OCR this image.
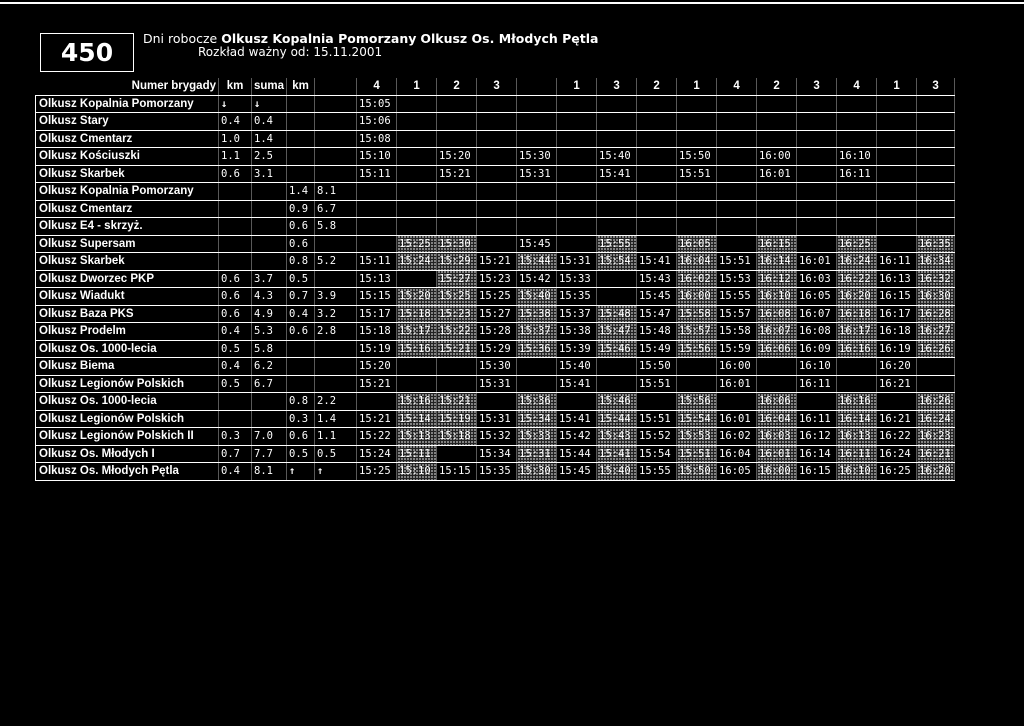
450 Dni robocze Olkusz Kopalnia Pomorzany Olkusz Os. Młodych Pętla
Rozkład ważny od: 15.11.2001
Numer brygady	km	suma	km		4	1	2	3		1	3	2	1	4	2	3	4	1	3
Olkusz Kopalnia Pomorzany	↓	↓			15:05														
Olkusz Stary	0.4	0.4			15:06														
Olkusz Cmentarz	1.0	1.4			15:08														
Olkusz Kościuszki	1.1	2.5			15:10		15:20		15:30		15:40		15:50		16:00		16:10		
Olkusz Skarbek	0.6	3.1			15:11		15:21		15:31		15:41		15:51		16:01		16:11		
Olkusz Kopalnia Pomorzany			1.4	8.1															
Olkusz Cmentarz			0.9	6.7															
Olkusz E4 - skrzyż.			0.6	5.8															
Olkusz Supersam			0.6			15:25	15:30		15:45		15:55		16:05		16:15		16:25		16:35
Olkusz Skarbek			0.8	5.2	15:11	15:24	15:29	15:21	15:44	15:31	15:54	15:41	16:04	15:51	16:14	16:01	16:24	16:11	16:34
Olkusz Dworzec PKP	0.6	3.7	0.5		15:13		15:27	15:23	15:42	15:33		15:43	16:02	15:53	16:12	16:03	16:22	16:13	16:32
Olkusz Wiadukt	0.6	4.3	0.7	3.9	15:15	15:20	15:25	15:25	15:40	15:35		15:45	16:00	15:55	16:10	16:05	16:20	16:15	16:30
Olkusz Baza PKS	0.6	4.9	0.4	3.2	15:17	15:18	15:23	15:27	15:38	15:37	15:48	15:47	15:58	15:57	16:08	16:07	16:18	16:17	16:28
Olkusz Prodelm	0.4	5.3	0.6	2.8	15:18	15:17	15:22	15:28	15:37	15:38	15:47	15:48	15:57	15:58	16:07	16:08	16:17	16:18	16:27
Olkusz Os. 1000-lecia	0.5	5.8			15:19	15:16	15:21	15:29	15:36	15:39	15:46	15:49	15:56	15:59	16:06	16:09	16:16	16:19	16:26
Olkusz Biema	0.4	6.2			15:20			15:30		15:40		15:50		16:00		16:10		16:20	
Olkusz Legionów Polskich	0.5	6.7			15:21			15:31		15:41		15:51		16:01		16:11		16:21	
Olkusz Os. 1000-lecia			0.8	2.2		15:16	15:21		15:36		15:46		15:56		16:06		16:16		16:26
Olkusz Legionów Polskich			0.3	1.4	15:21	15:14	15:19	15:31	15:34	15:41	15:44	15:51	15:54	16:01	16:04	16:11	16:14	16:21	16:24
Olkusz Legionów Polskich II	0.3	7.0	0.6	1.1	15:22	15:13	15:18	15:32	15:33	15:42	15:43	15:52	15:53	16:02	16:03	16:12	16:13	16:22	16:23
Olkusz Os. Młodych I	0.7	7.7	0.5	0.5	15:24	15:11		15:34	15:31	15:44	15:41	15:54	15:51	16:04	16:01	16:14	16:11	16:24	16:21
Olkusz Os. Młodych Pętla	0.4	8.1	↑	↑	15:25	15:10	15:15	15:35	15:30	15:45	15:40	15:55	15:50	16:05	16:00	16:15	16:10	16:25	16:20
